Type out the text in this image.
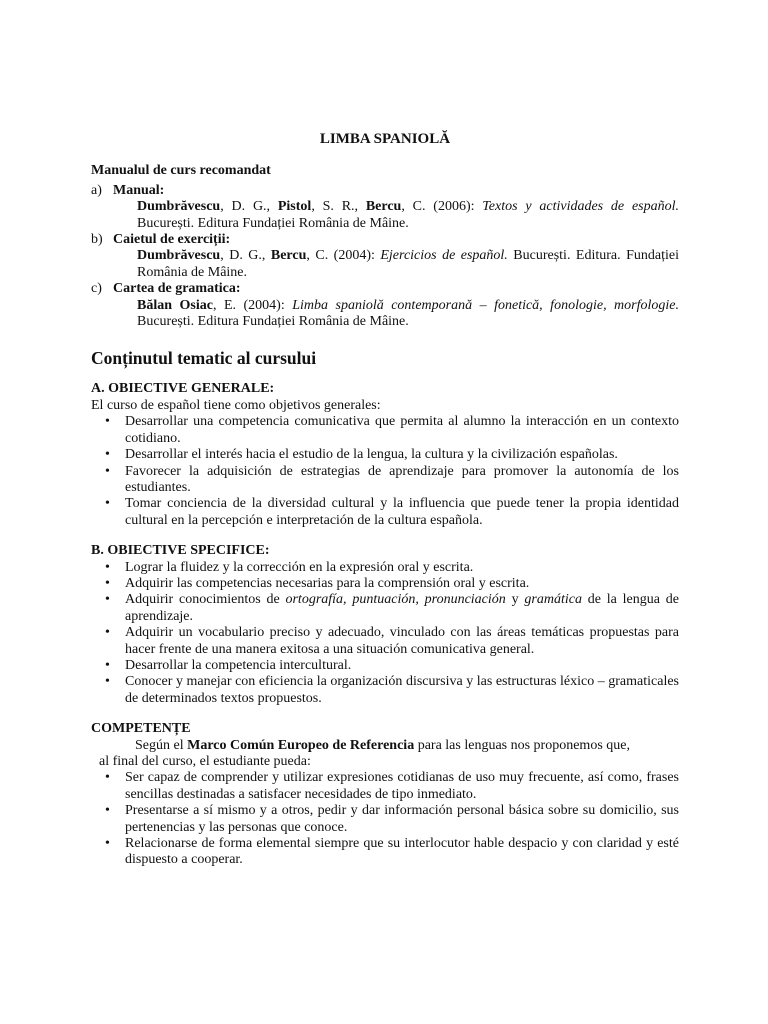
LIMBA SPANIOLĂ
Manualul de curs recomandat
a) Manual:
Dumbrăvescu, D. G., Pistol, S. R., Bercu, C. (2006): Textos y actividades de español. București. Editura Fundației România de Mâine.
b) Caietul de exerciții:
Dumbrăvescu, D. G., Bercu, C. (2004): Ejercicios de español. București. Editura. Fundației România de Mâine.
c) Cartea de gramatica:
Bălan Osiac, E. (2004): Limba spaniolă contemporană – fonetică, fonologie, morfologie. București. Editura Fundației România de Mâine.
Conținutul tematic al cursului
A. OBIECTIVE GENERALE:
El curso de español tiene como objetivos generales:
• Desarrollar una competencia comunicativa que permita al alumno la interacción en un contexto cotidiano.
• Desarrollar el interés hacia el estudio de la lengua, la cultura y la civilización españolas.
• Favorecer la adquisición de estrategias de aprendizaje para promover la autonomía de los estudiantes.
• Tomar conciencia de la diversidad cultural y la influencia que puede tener la propia identidad cultural en la percepción e interpretación de la cultura española.
B. OBIECTIVE SPECIFICE:
• Lograr la fluidez y la corrección en la expresión oral y escrita.
• Adquirir las competencias necesarias para la comprensión oral y escrita.
• Adquirir conocimientos de ortografía, puntuación, pronunciación y gramática de la lengua de aprendizaje.
• Adquirir un vocabulario preciso y adecuado, vinculado con las áreas temáticas propuestas para hacer frente de una manera exitosa a una situación comunicativa general.
• Desarrollar la competencia intercultural.
• Conocer y manejar con eficiencia la organización discursiva y las estructuras léxico – gramaticales de determinados textos propuestos.
COMPETENȚE
Según el Marco Común Europeo de Referencia para las lenguas nos proponemos que,
al final del curso, el estudiante pueda:
• Ser capaz de comprender y utilizar expresiones cotidianas de uso muy frecuente, así como, frases sencillas destinadas a satisfacer necesidades de tipo inmediato.
• Presentarse a sí mismo y a otros, pedir y dar información personal básica sobre su domicilio, sus pertenencias y las personas que conoce.
• Relacionarse de forma elemental siempre que su interlocutor hable despacio y con claridad y esté dispuesto a cooperar.
